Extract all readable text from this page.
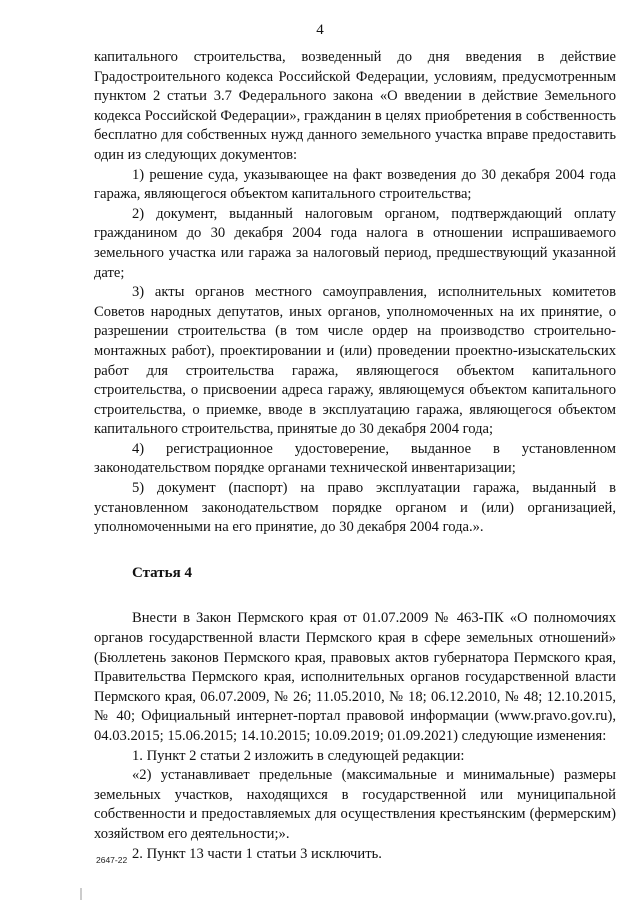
4

капитального строительства, возведенный до дня введения в действие Градостроительного кодекса Российской Федерации, условиям, предусмотренным пунктом 2 статьи 3.7 Федерального закона «О введении в действие Земельного кодекса Российской Федерации», гражданин в целях приобретения в собственность бесплатно для собственных нужд данного земельного участка вправе предоставить один из следующих документов:

1) решение суда, указывающее на факт возведения до 30 декабря 2004 года гаража, являющегося объектом капитального строительства;

2) документ, выданный налоговым органом, подтверждающий оплату гражданином до 30 декабря 2004 года налога в отношении испрашиваемого земельного участка или гаража за налоговый период, предшествующий указанной дате;

3) акты органов местного самоуправления, исполнительных комитетов Советов народных депутатов, иных органов, уполномоченных на их принятие, о разрешении строительства (в том числе ордер на производство строительно-монтажных работ), проектировании и (или) проведении проектно-изыскательских работ для строительства гаража, являющегося объектом капитального строительства, о присвоении адреса гаражу, являющемуся объектом капитального строительства, о приемке, вводе в эксплуатацию гаража, являющегося объектом капитального строительства, принятые до 30 декабря 2004 года;

4) регистрационное удостоверение, выданное в установленном законодательством порядке органами технической инвентаризации;

5) документ (паспорт) на право эксплуатации гаража, выданный в установленном законодательством порядке органом и (или) организацией, уполномоченными на его принятие, до 30 декабря 2004 года.».

Статья 4

Внести в Закон Пермского края от 01.07.2009 № 463-ПК «О полномочиях органов государственной власти Пермского края в сфере земельных отношений» (Бюллетень законов Пермского края, правовых актов губернатора Пермского края, Правительства Пермского края, исполнительных органов государственной власти Пермского края, 06.07.2009, № 26; 11.05.2010, № 18; 06.12.2010, № 48; 12.10.2015, № 40; Официальный интернет-портал правовой информации (www.pravo.gov.ru), 04.03.2015; 15.06.2015; 14.10.2015; 10.09.2019; 01.09.2021) следующие изменения:

1. Пункт 2 статьи 2 изложить в следующей редакции:

«2) устанавливает предельные (максимальные и минимальные) размеры земельных участков, находящихся в государственной или муниципальной собственности и предоставляемых для осуществления крестьянским (фермерским) хозяйством его деятельности;».

2. Пункт 13 части 1 статьи 3 исключить.

2647-22
